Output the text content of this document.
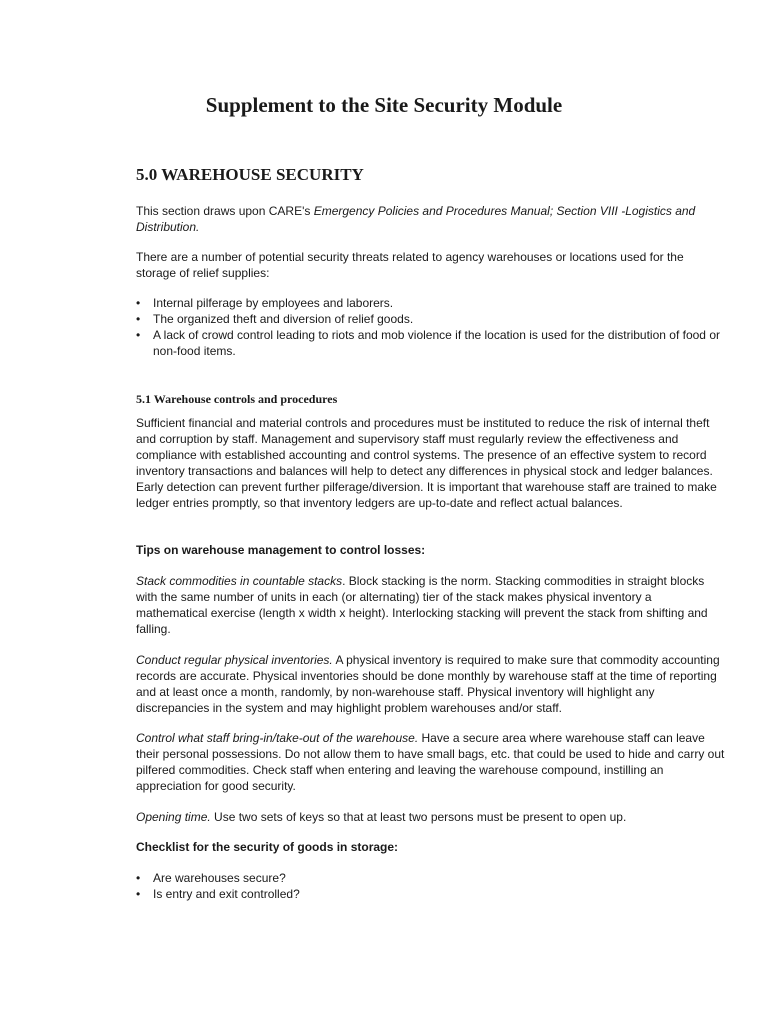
Supplement to the Site Security Module
5.0 WAREHOUSE SECURITY

This section draws upon CARE's Emergency Policies and Procedures Manual; Section VIII -Logistics and Distribution.

There are a number of potential security threats related to agency warehouses or locations used for the storage of relief supplies:

• Internal pilferage by employees and laborers.
• The organized theft and diversion of relief goods.
• A lack of crowd control leading to riots and mob violence if the location is used for the distribution of food or non-food items.
5.1 Warehouse controls and procedures

Sufficient financial and material controls and procedures must be instituted to reduce the risk of internal theft and corruption by staff. Management and supervisory staff must regularly review the effectiveness and compliance with established accounting and control systems. The presence of an effective system to record inventory transactions and balances will help to detect any differences in physical stock and ledger balances. Early detection can prevent further pilferage/diversion. It is important that warehouse staff are trained to make ledger entries promptly, so that inventory ledgers are up-to-date and reflect actual balances.

Tips on warehouse management to control losses:

Stack commodities in countable stacks. Block stacking is the norm. Stacking commodities in straight blocks with the same number of units in each (or alternating) tier of the stack makes physical inventory a mathematical exercise (length x width x height). Interlocking stacking will prevent the stack from shifting and falling.

Conduct regular physical inventories. A physical inventory is required to make sure that commodity accounting records are accurate. Physical inventories should be done monthly by warehouse staff at the time of reporting and at least once a month, randomly, by non-warehouse staff. Physical inventory will highlight any discrepancies in the system and may highlight problem warehouses and/or staff.

Control what staff bring-in/take-out of the warehouse. Have a secure area where warehouse staff can leave their personal possessions. Do not allow them to have small bags, etc. that could be used to hide and carry out pilfered commodities. Check staff when entering and leaving the warehouse compound, instilling an appreciation for good security.

Opening time. Use two sets of keys so that at least two persons must be present to open up.

Checklist for the security of goods in storage:

• Are warehouses secure?
• Is entry and exit controlled?
